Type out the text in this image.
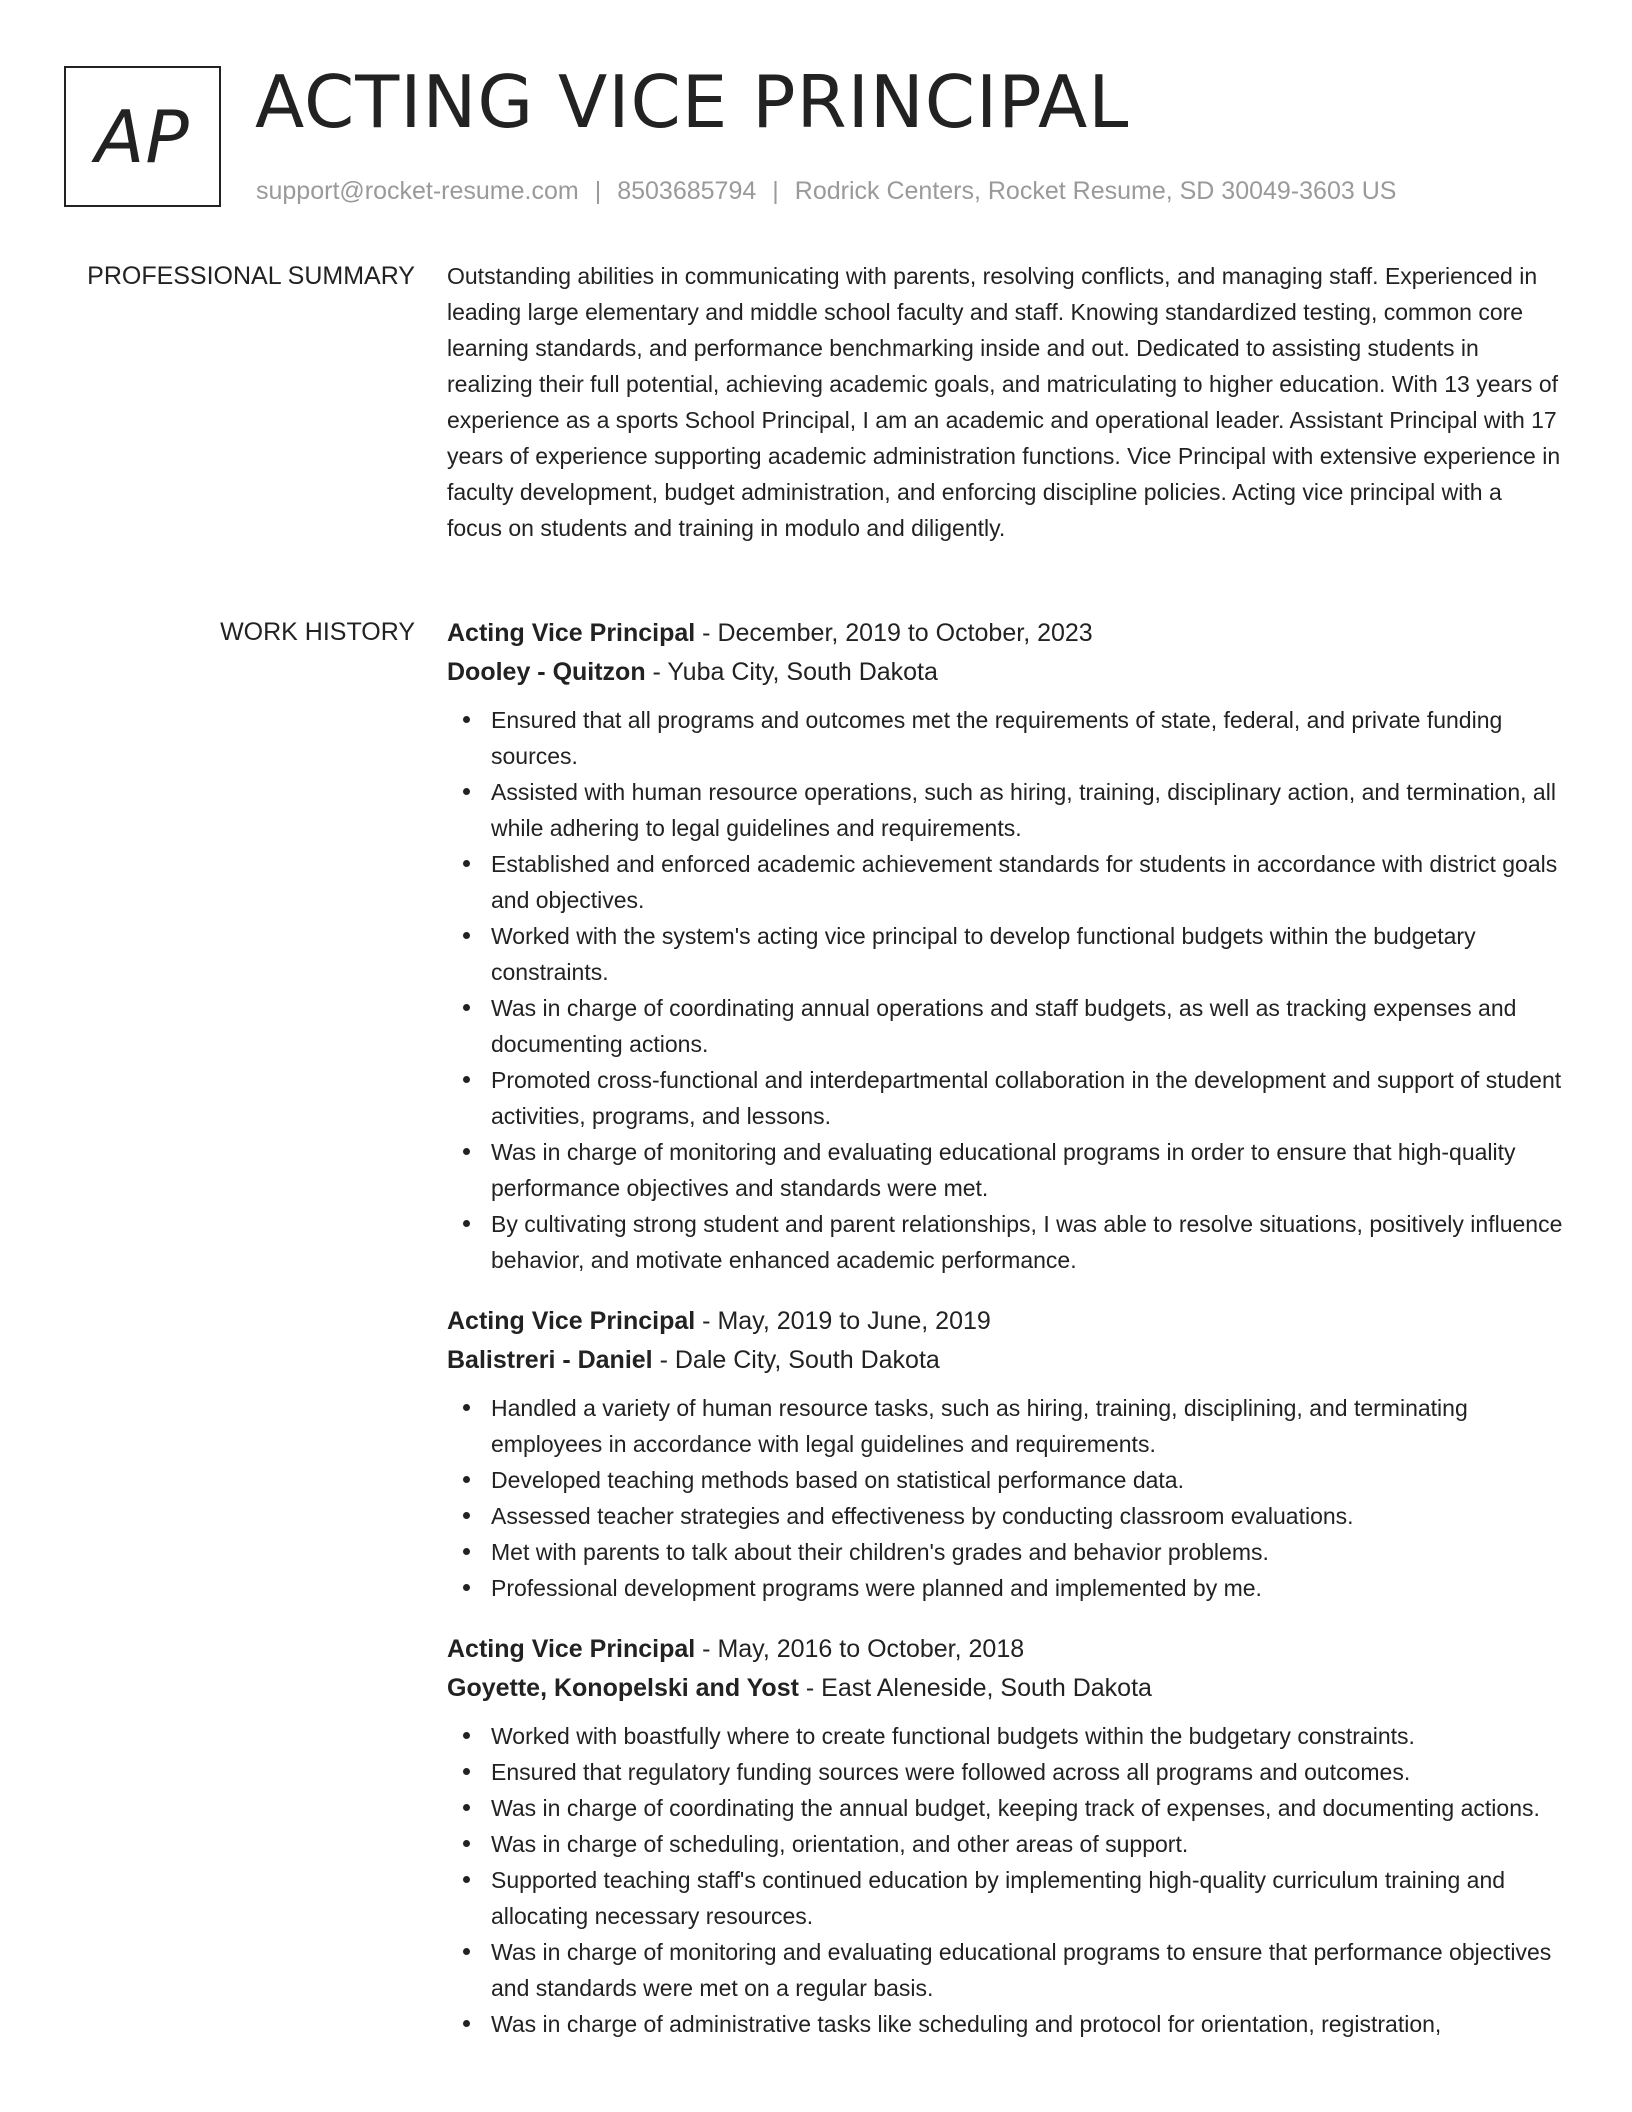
AP ACTING VICE PRINCIPAL
support@rocket-resume.com | 8503685794 | Rodrick Centers, Rocket Resume, SD 30049-3603 US
PROFESSIONAL SUMMARY Outstanding abilities in communicating with parents, resolving conflicts, and managing staff. Experienced in leading large elementary and middle school faculty and staff. Knowing standardized testing, common core learning standards, and performance benchmarking inside and out. Dedicated to assisting students in realizing their full potential, achieving academic goals, and matriculating to higher education. With 13 years of experience as a sports School Principal, I am an academic and operational leader. Assistant Principal with 17 years of experience supporting academic administration functions. Vice Principal with extensive experience in faculty development, budget administration, and enforcing discipline policies. Acting vice principal with a focus on students and training in modulo and diligently.

WORK HISTORY Acting Vice Principal - December, 2019 to October, 2023
Dooley - Quitzon - Yuba City, South Dakota
Ensured that all programs and outcomes met the requirements of state, federal, and private funding sources.
Assisted with human resource operations, such as hiring, training, disciplinary action, and termination, all while adhering to legal guidelines and requirements.
Established and enforced academic achievement standards for students in accordance with district goals and objectives.
Worked with the system's acting vice principal to develop functional budgets within the budgetary constraints.
Was in charge of coordinating annual operations and staff budgets, as well as tracking expenses and documenting actions.
Promoted cross-functional and interdepartmental collaboration in the development and support of student activities, programs, and lessons.
Was in charge of monitoring and evaluating educational programs in order to ensure that high-quality performance objectives and standards were met.
By cultivating strong student and parent relationships, I was able to resolve situations, positively influence behavior, and motivate enhanced academic performance.
Acting Vice Principal - May, 2019 to June, 2019
Balistreri - Daniel - Dale City, South Dakota
Handled a variety of human resource tasks, such as hiring, training, disciplining, and terminating employees in accordance with legal guidelines and requirements.
Developed teaching methods based on statistical performance data.
Assessed teacher strategies and effectiveness by conducting classroom evaluations.
Met with parents to talk about their children's grades and behavior problems.
Professional development programs were planned and implemented by me.
Acting Vice Principal - May, 2016 to October, 2018
Goyette, Konopelski and Yost - East Aleneside, South Dakota
Worked with boastfully where to create functional budgets within the budgetary constraints.
Ensured that regulatory funding sources were followed across all programs and outcomes.
Was in charge of coordinating the annual budget, keeping track of expenses, and documenting actions.
Was in charge of scheduling, orientation, and other areas of support.
Supported teaching staff's continued education by implementing high-quality curriculum training and allocating necessary resources.
Was in charge of monitoring and evaluating educational programs to ensure that performance objectives and standards were met on a regular basis.
Was in charge of administrative tasks like scheduling and protocol for orientation, registration,
